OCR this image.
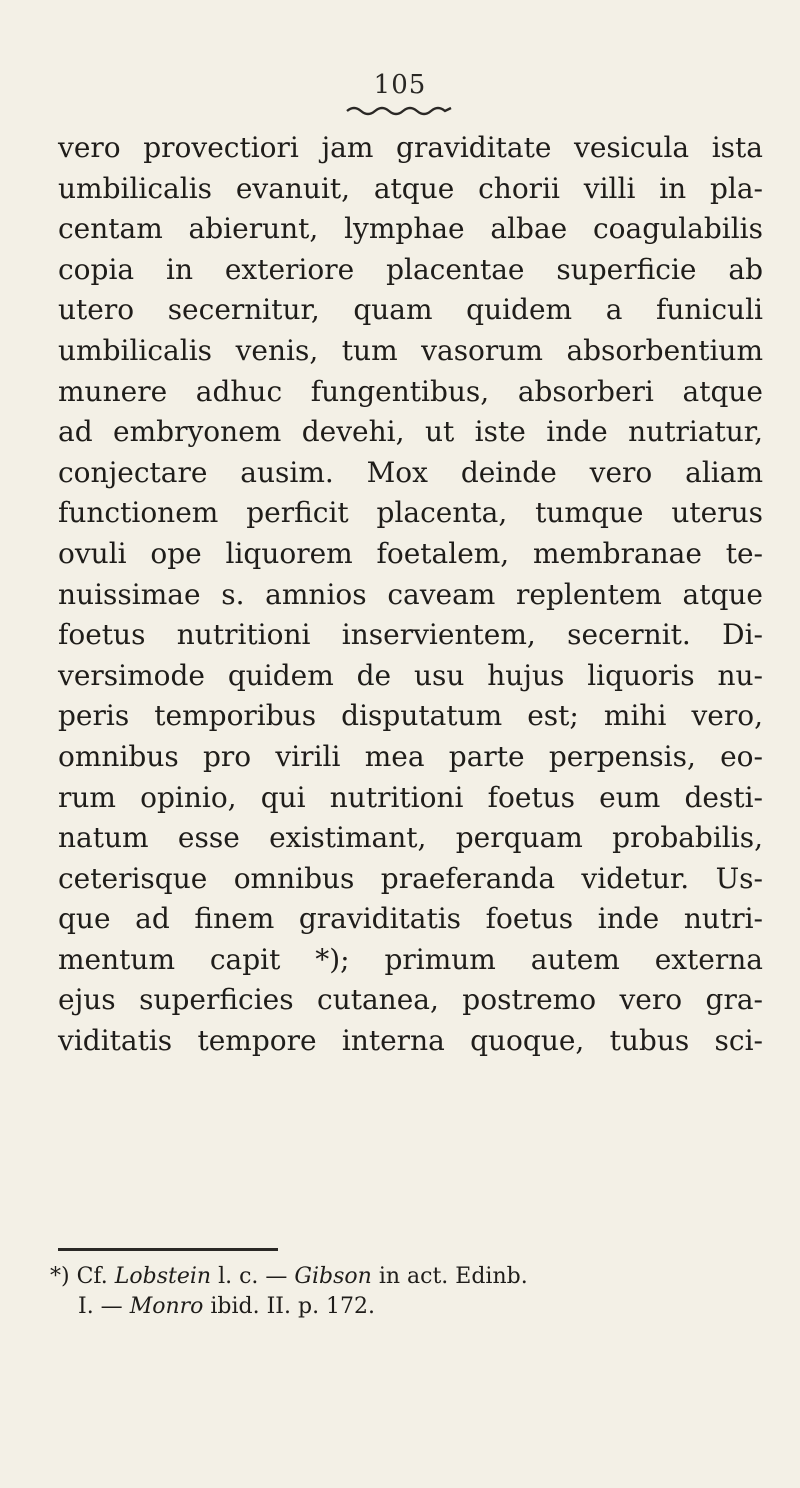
105
vero provectiori jam graviditate vesicula ista
umbilicalis evanuit, atque chorii villi in pla-
centam abierunt, lymphae albae coagulabilis
copia in exteriore placentae superficie ab
utero secernitur, quam quidem a funiculi
umbilicalis venis, tum vasorum absorbentium
munere adhuc fungentibus, absorberi atque
ad embryonem devehi, ut iste inde nutriatur,
conjectare ausim. Mox deinde vero aliam
functionem perficit placenta, tumque uterus
ovuli ope liquorem foetalem, membranae te-
nuissimae s. amnios caveam replentem atque
foetus nutritioni inservientem, secernit. Di-
versimode quidem de usu hujus liquoris nu-
peris temporibus disputatum est; mihi vero,
omnibus pro virili mea parte perpensis, eo-
rum opinio, qui nutritioni foetus eum desti-
natum esse existimant, perquam probabilis,
ceterisque omnibus praeferanda videtur. Us-
que ad finem graviditatis foetus inde nutri-
mentum capit *); primum autem externa
ejus superficies cutanea, postremo vero gra-
viditatis tempore interna quoque, tubus sci-
*) Cf. Lobstein l. c. — Gibson in act. Edinb.
I. — Monro ibid. II. p. 172.
